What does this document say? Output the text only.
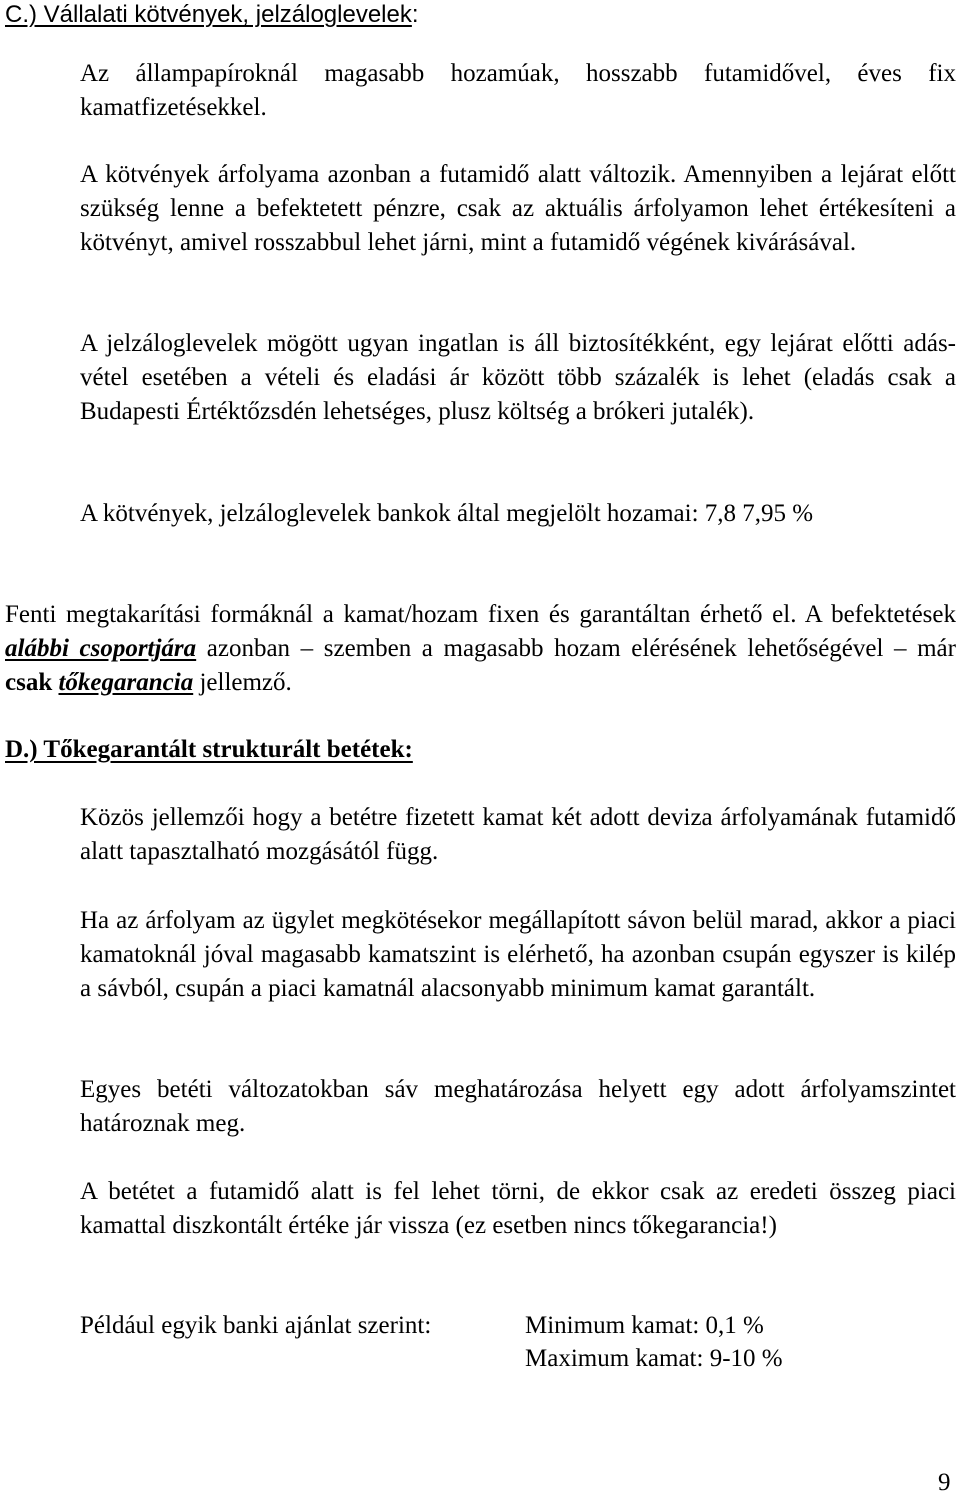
C.) Vállalati kötvények, jelzáloglevelek:

Az állampapíroknál magasabb hozamúak, hosszabb futamidővel, éves fix kamatfizetésekkel.

A kötvények árfolyama azonban a futamidő alatt változik. Amennyiben a lejárat előtt szükség lenne a befektetett pénzre, csak az aktuális árfolyamon lehet értékesíteni a kötvényt, amivel rosszabbul lehet járni, mint a futamidő végének kivárásával.

A jelzáloglevelek mögött ugyan ingatlan is áll biztosítékként, egy lejárat előtti adás-vétel esetében a vételi és eladási ár között több százalék is lehet (eladás csak a Budapesti Értéktőzsdén lehetséges, plusz költség a brókeri jutalék).

A kötvények, jelzáloglevelek bankok által megjelölt hozamai: 7,8 7,95 %

Fenti megtakarítási formáknál a kamat/hozam fixen és garantáltan érhető el. A befektetések alábbi csoportjára azonban – szemben a magasabb hozam elérésének lehetőségével – már csak tőkegarancia jellemző.

D.) Tőkegarantált strukturált betétek:

Közös jellemzői hogy a betétre fizetett kamat két adott deviza árfolyamának futamidő alatt tapasztalható mozgásától függ.

Ha az árfolyam az ügylet megkötésekor megállapított sávon belül marad, akkor a piaci kamatoknál jóval magasabb kamatszint is elérhető, ha azonban csupán egyszer is kilép a sávból, csupán a piaci kamatnál alacsonyabb minimum kamat garantált.

Egyes betéti változatokban sáv meghatározása helyett egy adott árfolyamszintet határoznak meg.

A betétet a futamidő alatt is fel lehet törni, de ekkor csak az eredeti összeg piaci kamattal diszkontált értéke jár vissza (ez esetben nincs tőkegarancia!)

Például egyik banki ajánlat szerint:	Minimum kamat: 0,1 %
Maximum kamat: 9-10 %
9
